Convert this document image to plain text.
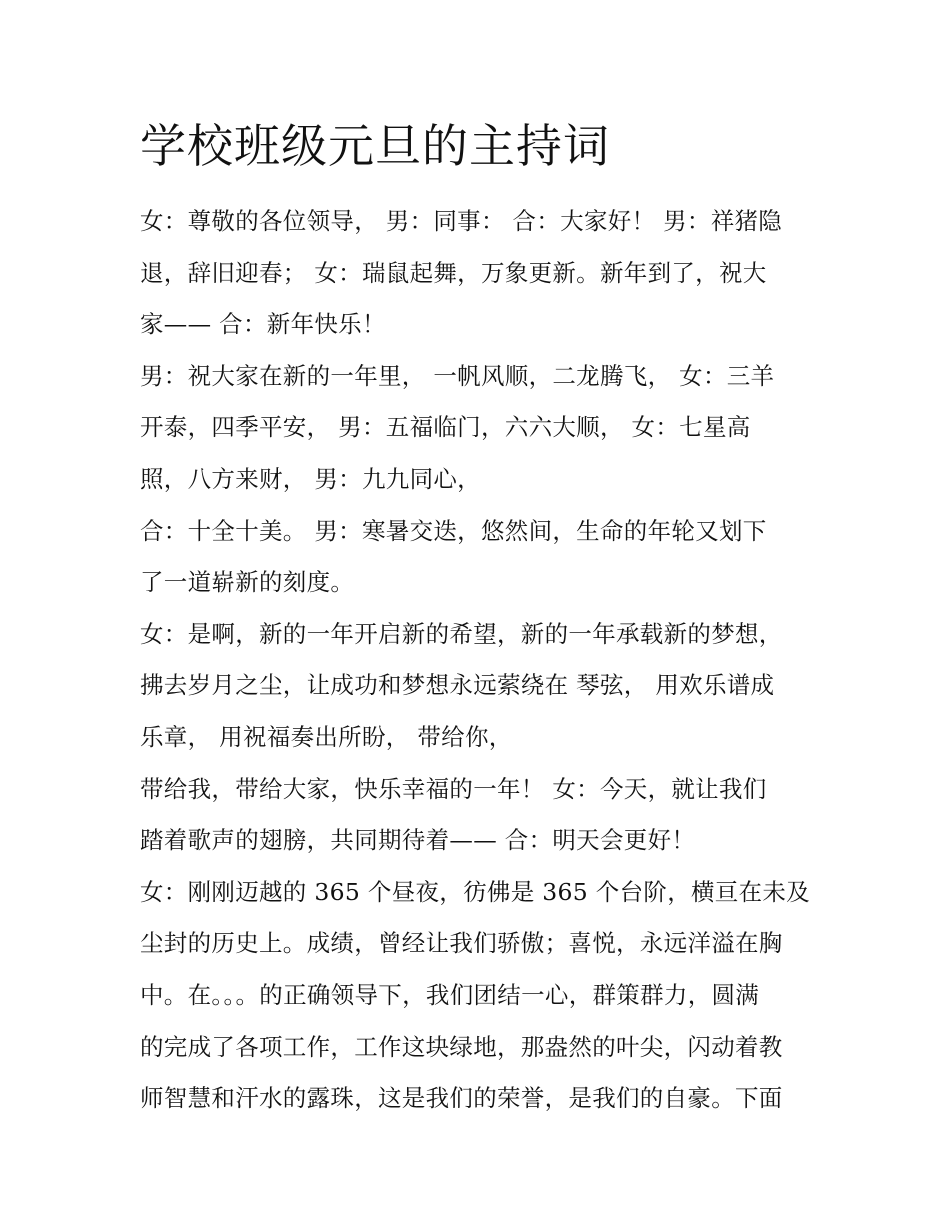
学校班级元旦的主持词
女：尊敬的各位领导， 男：同事： 合：大家好！ 男：祥猪隐
退，辞旧迎春； 女：瑞鼠起舞，万象更新。新年到了，祝大
家—— 合：新年快乐！
男：祝大家在新的一年里， 一帆风顺，二龙腾飞， 女：三羊
开泰，四季平安， 男：五福临门，六六大顺， 女：七星高
照，八方来财， 男：九九同心，
合：十全十美。 男：寒暑交迭，悠然间，生命的年轮又划下
了一道崭新的刻度。
女：是啊，新的一年开启新的希望，新的一年承载新的梦想，
拂去岁月之尘，让成功和梦想永远萦绕在 琴弦， 用欢乐谱成
乐章， 用祝福奏出所盼， 带给你，
带给我，带给大家，快乐幸福的一年！ 女：今天，就让我们
踏着歌声的翅膀，共同期待着—— 合：明天会更好！
女：刚刚迈越的 365 个昼夜，彷佛是 365 个台阶，横亘在未及
尘封的历史上。成绩，曾经让我们骄傲；喜悦，永远洋溢在胸
中。在。。。的正确领导下，我们团结一心，群策群力，圆满
的完成了各项工作，工作这块绿地，那盎然的叶尖，闪动着教
师智慧和汗水的露珠，这是我们的荣誉，是我们的自豪。下面
